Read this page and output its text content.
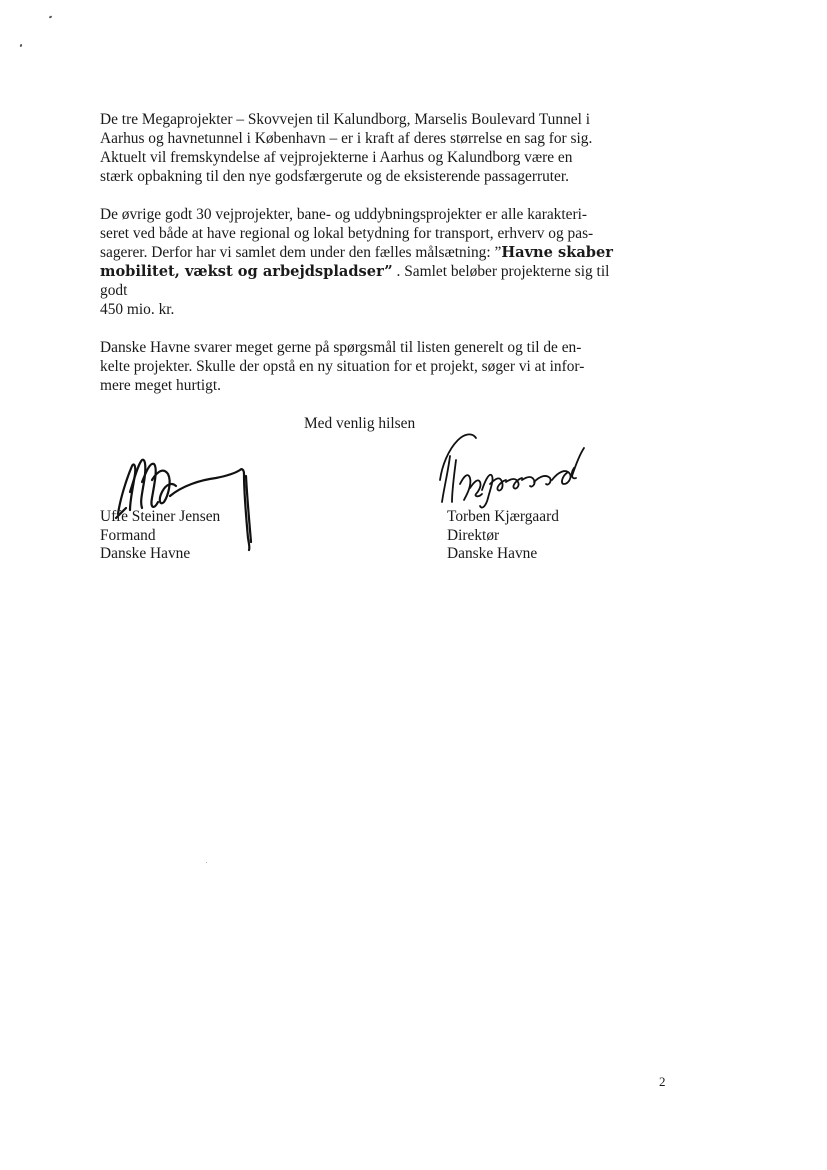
De tre Megaprojekter – Skovvejen til Kalundborg, Marselis Boulevard Tunnel i
Aarhus og havnetunnel i København – er i kraft af deres størrelse en sag for sig.
Aktuelt vil fremskyndelse af vejprojekterne i Aarhus og Kalundborg være en
stærk opbakning til den nye godsfærgerute og de eksisterende passagerruter.

De øvrige godt 30 vejprojekter, bane- og uddybningsprojekter er alle karakteri-
seret ved både at have regional og lokal betydning for transport, erhverv og pas-
sagerer. Derfor har vi samlet dem under den fælles målsætning: ”Havne skaber
mobilitet, vækst og arbejdspladser” . Samlet beløber projekterne sig til godt
450 mio. kr.

Danske Havne svarer meget gerne på spørgsmål til listen generelt og til de en-
kelte projekter. Skulle der opstå en ny situation for et projekt, søger vi at infor-
mere meget hurtigt.

Med venlig hilsen
Uffe Steiner Jensen
Formand
Danske Havne
Torben Kjærgaard
Direktør
Danske Havne
2
